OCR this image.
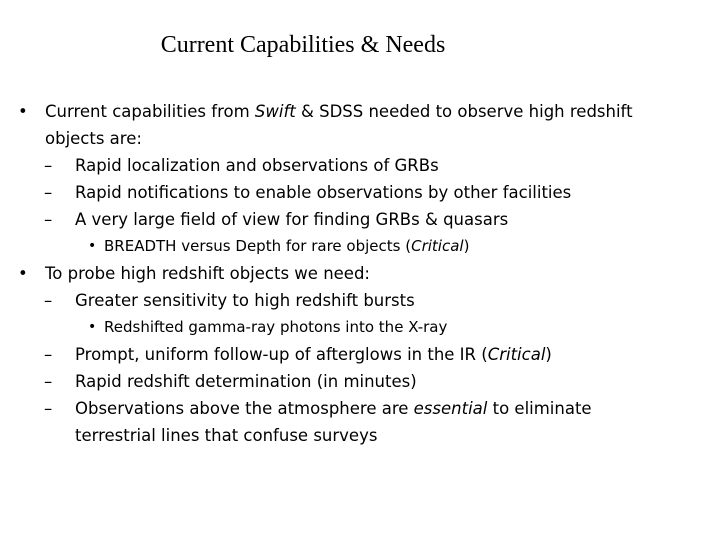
Current Capabilities & Needs
• Current capabilities from Swift & SDSS needed to observe high redshift
objects are:
– Rapid localization and observations of GRBs
– Rapid notifications to enable observations by other facilities
– A very large field of view for finding GRBs & quasars
• BREADTH versus Depth for rare objects (Critical)
• To probe high redshift objects we need:
– Greater sensitivity to high redshift bursts
• Redshifted gamma-ray photons into the X-ray
– Prompt, uniform follow-up of afterglows in the IR (Critical)
– Rapid redshift determination (in minutes)
– Observations above the atmosphere are essential to eliminate
terrestrial lines that confuse surveys
